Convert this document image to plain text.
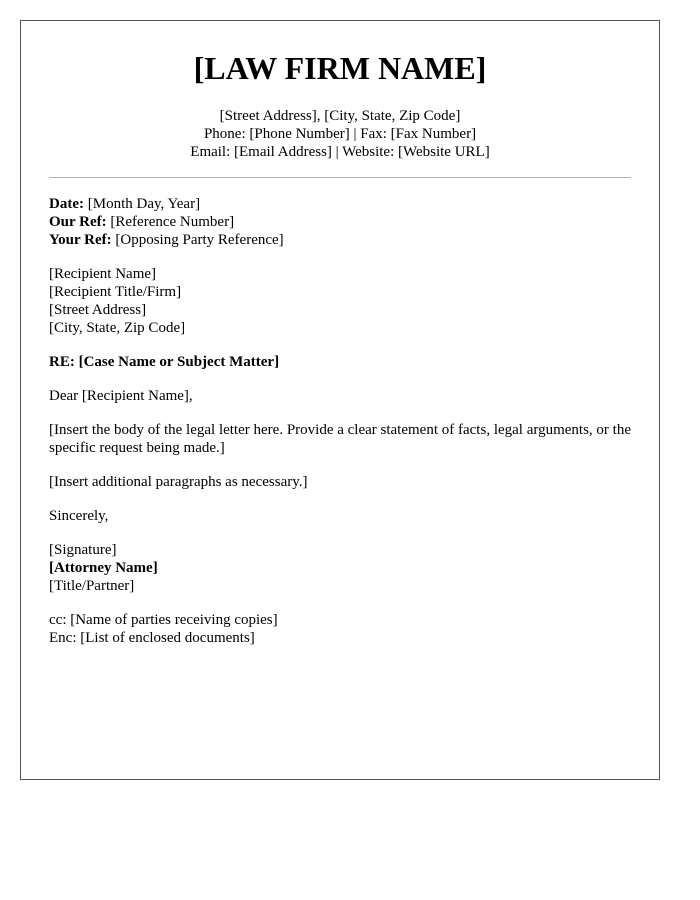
[LAW FIRM NAME]
[Street Address], [City, State, Zip Code]
Phone: [Phone Number] | Fax: [Fax Number]
Email: [Email Address] | Website: [Website URL]
Date: [Month Day, Year]
Our Ref: [Reference Number]
Your Ref: [Opposing Party Reference]
[Recipient Name]
[Recipient Title/Firm]
[Street Address]
[City, State, Zip Code]
RE: [Case Name or Subject Matter]
Dear [Recipient Name],
[Insert the body of the legal letter here. Provide a clear statement of facts, legal arguments, or the specific request being made.]
[Insert additional paragraphs as necessary.]
Sincerely,
[Signature]
[Attorney Name]
[Title/Partner]
cc: [Name of parties receiving copies]
Enc: [List of enclosed documents]
